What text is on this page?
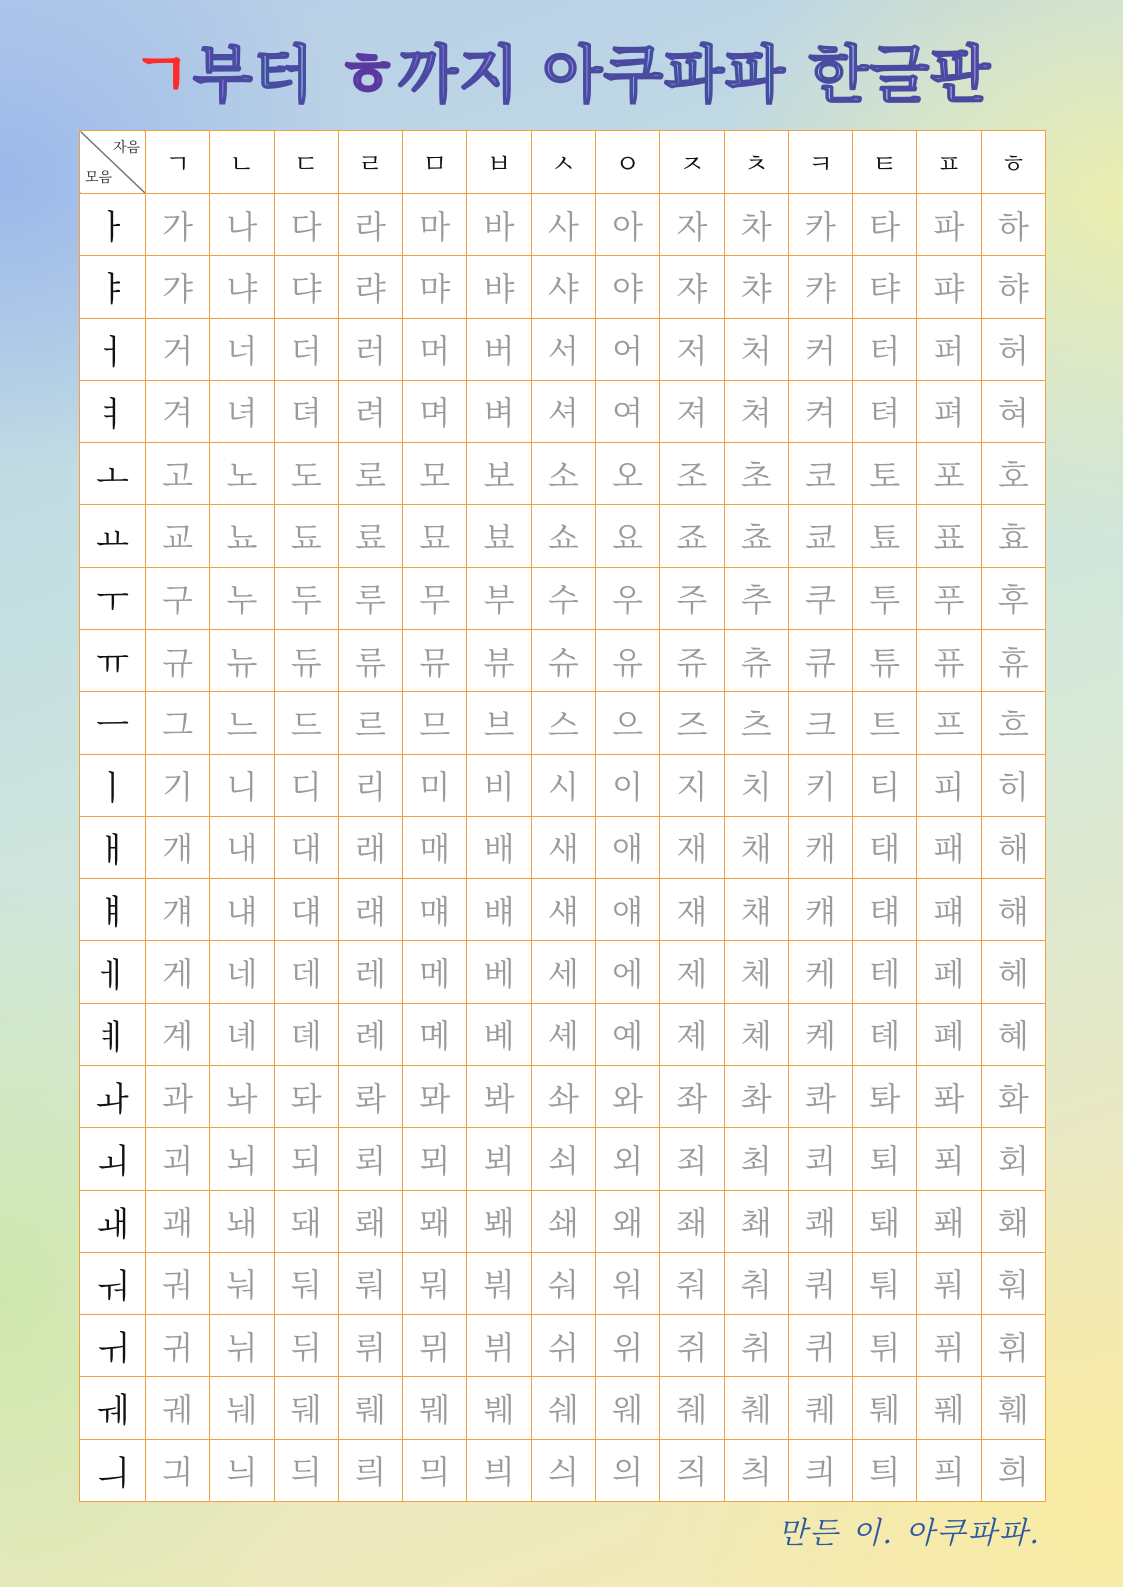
ㄱ부터 ㅎ까지 아쿠파파 한글판
자음
모음	ㄱ	ㄴ	ㄷ	ㄹ	ㅁ	ㅂ	ㅅ	ㅇ	ㅈ	ㅊ	ㅋ	ㅌ	ㅍ	ㅎ
ㅏ	가	나	다	라	마	바	사	아	자	차	카	타	파	하
ㅑ	갸	냐	댜	랴	먀	뱌	샤	야	쟈	챠	캬	탸	퍄	햐
ㅓ	거	너	더	러	머	버	서	어	저	처	커	터	퍼	허
ㅕ	겨	녀	뎌	려	며	벼	셔	여	져	쳐	켜	텨	펴	혀
ㅗ	고	노	도	로	모	보	소	오	조	초	코	토	포	호
ㅛ	교	뇨	됴	료	묘	뵤	쇼	요	죠	쵸	쿄	툐	표	효
ㅜ	구	누	두	루	무	부	수	우	주	추	쿠	투	푸	후
ㅠ	규	뉴	듀	류	뮤	뷰	슈	유	쥬	츄	큐	튜	퓨	휴
ㅡ	그	느	드	르	므	브	스	으	즈	츠	크	트	프	흐
ㅣ	기	니	디	리	미	비	시	이	지	치	키	티	피	히
ㅐ	개	내	대	래	매	배	새	애	재	채	캐	태	패	해
ㅒ	걔	냬	댸	럐	먜	뱨	섀	얘	쟤	챼	컈	턔	퍠	햬
ㅔ	게	네	데	레	메	베	세	에	제	체	케	테	페	헤
ㅖ	계	녜	뎨	례	몌	볘	셰	예	졔	쳬	켸	톄	폐	혜
ㅘ	과	놔	돠	롸	뫄	봐	솨	와	좌	촤	콰	톼	퐈	화
ㅚ	괴	뇌	되	뢰	뫼	뵈	쇠	외	죄	최	쾨	퇴	푀	회
ㅙ	괘	놰	돼	뢔	뫠	봬	쇄	왜	좨	쵀	쾌	퇘	퐤	홰
ㅝ	궈	눠	둬	뤄	뭐	붜	숴	워	줘	춰	쿼	퉈	풔	훠
ㅟ	귀	뉘	뒤	뤼	뮈	뷔	쉬	위	쥐	취	퀴	튀	퓌	휘
ㅞ	궤	눼	뒈	뤠	뭬	붸	쉐	웨	줴	췌	퀘	퉤	풰	훼
ㅢ	긔	늬	듸	릐	믜	븨	싀	의	즤	츼	킈	틔	픠	희
만든 이. 아쿠파파.
